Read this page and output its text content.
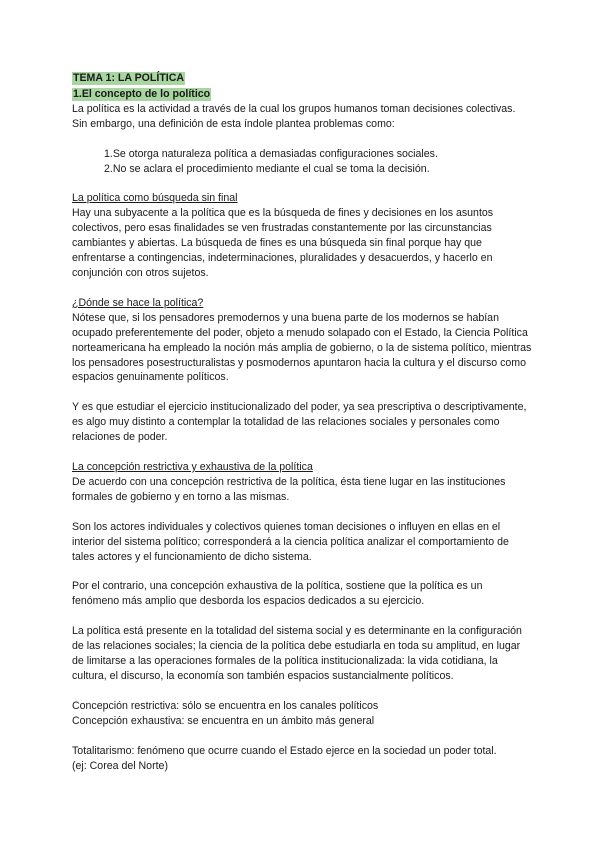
TEMA 1: LA POLÍTICA
1.El concepto de lo político

La política es la actividad a través de la cual los grupos humanos toman decisiones colectivas. Sin embargo, una definición de esta índole plantea problemas como:

1.Se otorga naturaleza política a demasiadas configuraciones sociales.

2.No se aclara el procedimiento mediante el cual se toma la decisión.

La política como búsqueda sin final

Hay una subyacente a la política que es la búsqueda de fines y decisiones en los asuntos colectivos, pero esas finalidades se ven frustradas constantemente por las circunstancias cambiantes y abiertas. La búsqueda de fines es una búsqueda sin final porque hay que enfrentarse a contingencias, indeterminaciones, pluralidades y desacuerdos, y hacerlo en conjunción con otros sujetos.

¿Dónde se hace la política?

Nótese que, si los pensadores premodernos y una buena parte de los modernos se habían ocupado preferentemente del poder, objeto a menudo solapado con el Estado, la Ciencia Política norteamericana ha empleado la noción más amplia de gobierno, o la de sistema político, mientras los pensadores posestructuralistas y posmodernos apuntaron hacia la cultura y el discurso como espacios genuinamente políticos.

Y es que estudiar el ejercicio institucionalizado del poder, ya sea prescriptiva o descriptivamente, es algo muy distinto a contemplar la totalidad de las relaciones sociales y personales como relaciones de poder.

La concepción restrictiva y exhaustiva de la política

De acuerdo con una concepción restrictiva de la política, ésta tiene lugar en las instituciones formales de gobierno y en torno a las mismas.

Son los actores individuales y colectivos quienes toman decisiones o influyen en ellas en el interior del sistema político; corresponderá a la ciencia política analizar el comportamiento de tales actores y el funcionamiento de dicho sistema.

Por el contrario, una concepción exhaustiva de la política, sostiene que la política es un fenómeno más amplio que desborda los espacios dedicados a su ejercicio.

La política está presente en la totalidad del sistema social y es determinante en la configuración de las relaciones sociales; la ciencia de la política debe estudiarla en toda su amplitud, en lugar de limitarse a las operaciones formales de la política institucionalizada: la vida cotidiana, la cultura, el discurso, la economía son también espacios sustancialmente políticos.

Concepción restrictiva: sólo se encuentra en los canales políticos

Concepción exhaustiva: se encuentra en un ámbito más general

Totalitarismo: fenómeno que ocurre cuando el Estado ejerce en la sociedad un poder total.

(ej: Corea del Norte)
